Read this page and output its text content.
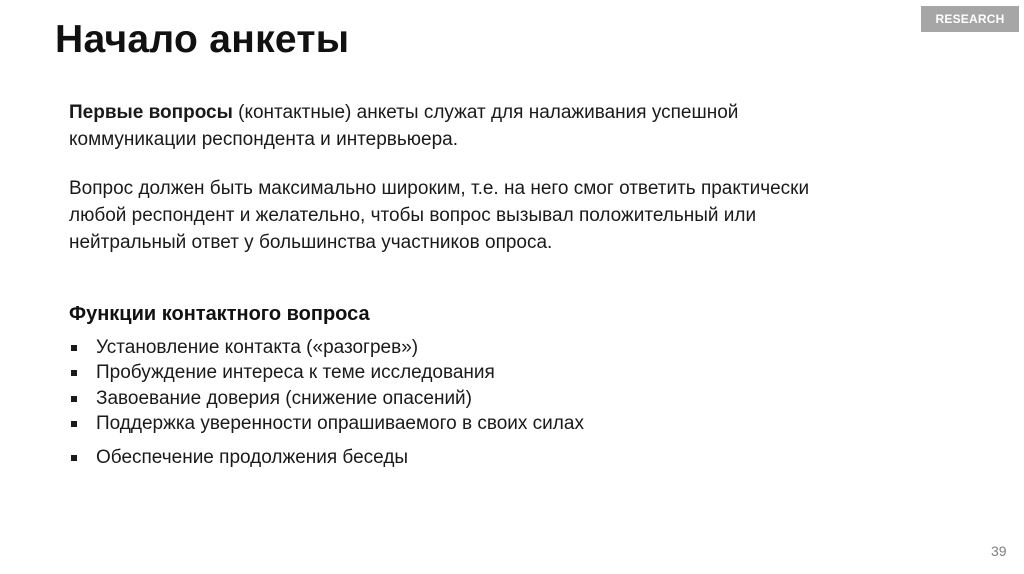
RESEARCH
Начало анкеты

Первые вопросы (контактные) анкеты служат для налаживания успешной
коммуникации респондента и интервьюера.

Вопрос должен быть максимально широким, т.е. на него смог ответить практически
любой респондент и желательно, чтобы вопрос вызывал положительный или
нейтральный ответ у большинства участников опроса.

Функции контактного вопроса
Установление контакта («разогрев»)
Пробуждение интереса к теме исследования
Завоевание доверия (снижение опасений)
Поддержка уверенности опрашиваемого в своих силах
Обеспечение продолжения беседы
39
